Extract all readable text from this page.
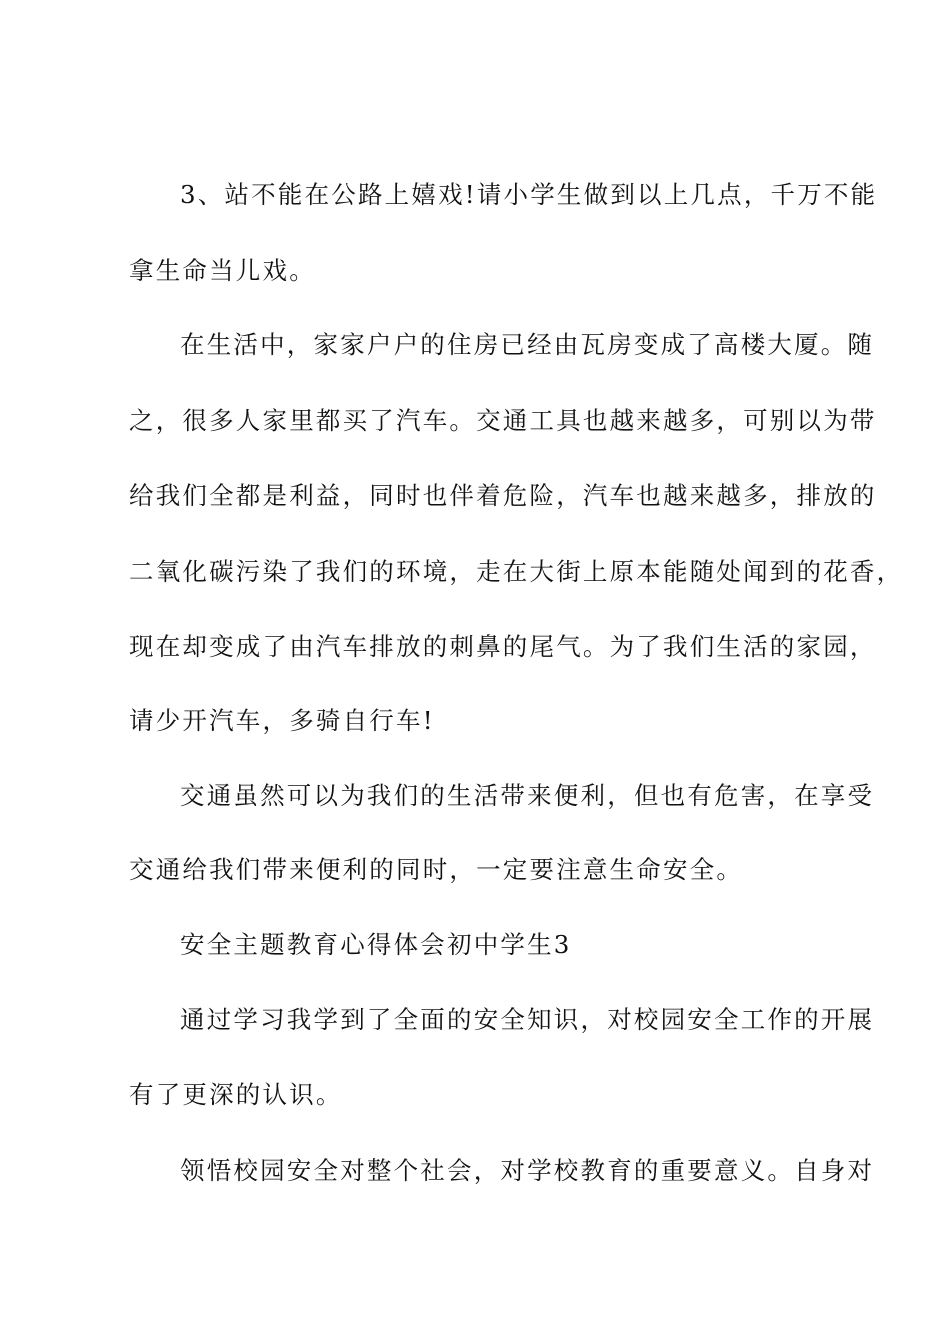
3、站不能在公路上嬉戏!请小学生做到以上几点，千万不能
拿生命当儿戏。
在生活中，家家户户的住房已经由瓦房变成了高楼大厦。随
之，很多人家里都买了汽车。交通工具也越来越多，可别以为带
给我们全都是利益，同时也伴着危险，汽车也越来越多，排放的
二氧化碳污染了我们的环境，走在大街上原本能随处闻到的花香，
现在却变成了由汽车排放的刺鼻的尾气。为了我们生活的家园，
请少开汽车，多骑自行车!
交通虽然可以为我们的生活带来便利，但也有危害，在享受
交通给我们带来便利的同时，一定要注意生命安全。
安全主题教育心得体会初中学生3
通过学习我学到了全面的安全知识，对校园安全工作的开展
有了更深的认识。
领悟校园安全对整个社会，对学校教育的重要意义。自身对
